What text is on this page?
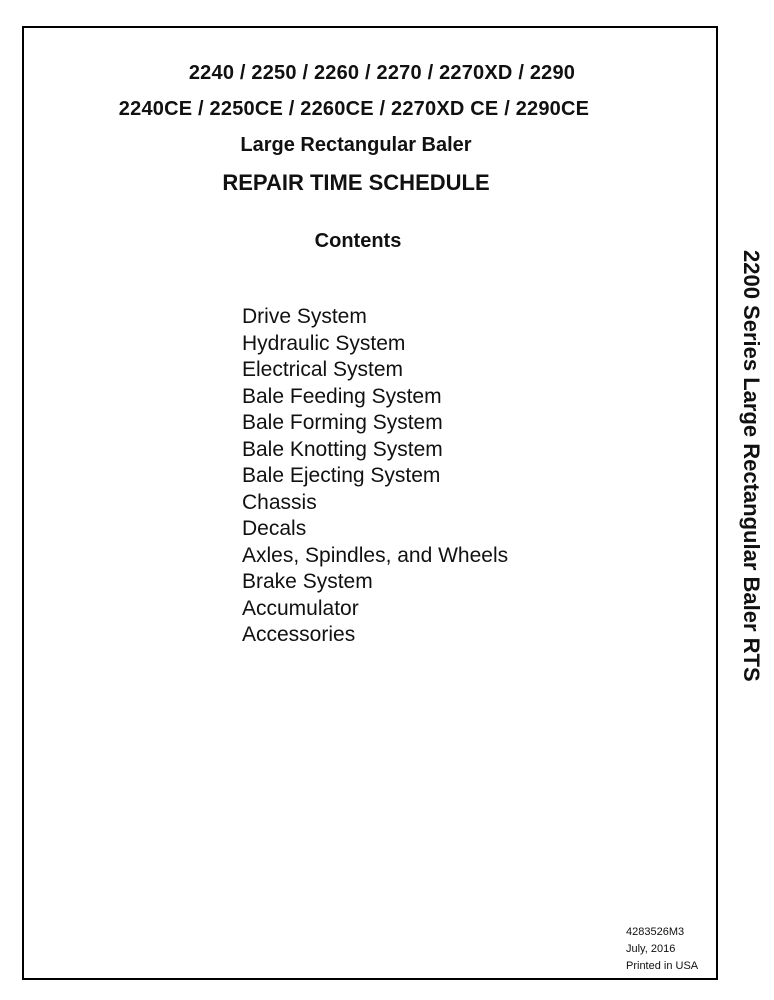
2240 / 2250 / 2260 / 2270 / 2270XD / 2290
2240CE / 2250CE / 2260CE / 2270XD CE / 2290CE
Large Rectangular Baler
REPAIR TIME SCHEDULE
Contents
Drive System
Hydraulic System
Electrical System
Bale Feeding System
Bale Forming System
Bale Knotting System
Bale Ejecting System
Chassis
Decals
Axles, Spindles, and Wheels
Brake System
Accumulator
Accessories
4283526M3
July, 2016
Printed in USA
2200 Series Large Rectangular Baler RTS
